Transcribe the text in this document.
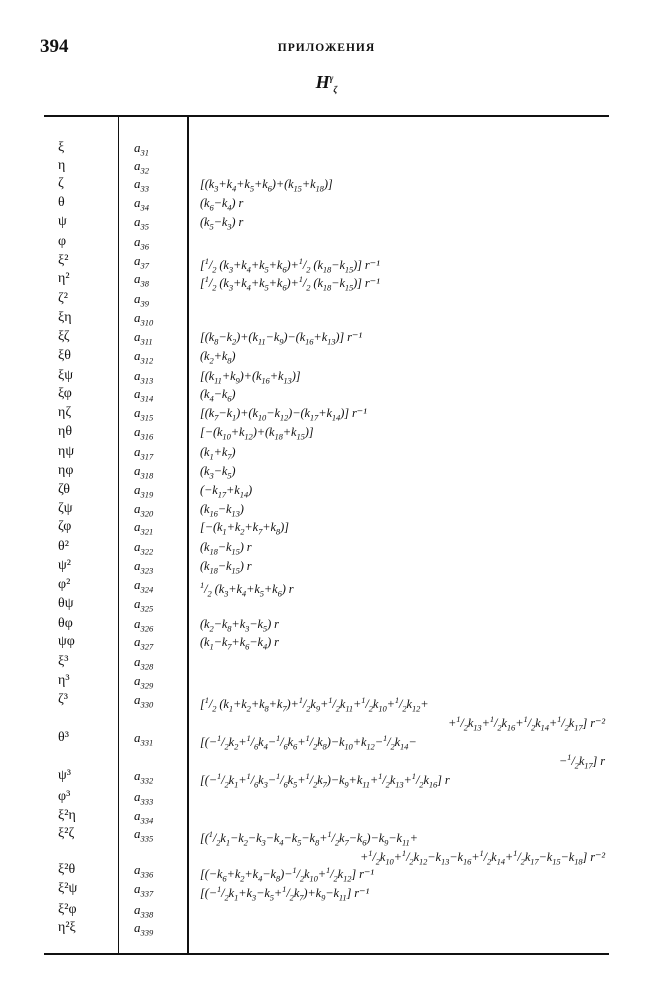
394	ПРИЛОЖЕНИЯ
$H^\gamma_\zeta$
ξ	$a_{31}$
η	$a_{32}$
ζ	$a_{33}$	$[(k_3+k_4+k_5+k_6)+(k_{15}+k_{18})]$
θ	$a_{34}$	$(k_6-k_4)$ r
ψ	$a_{35}$	$(k_5-k_3)$ r
φ	$a_{36}$
ξ²	$a_{37}$	[$^1/_2$ $(k_3+k_4+k_5+k_6)+^1/_2$ $(k_{18}-k_{15})$] r⁻¹
η²	$a_{38}$	[$^1/_2$ $(k_3+k_4+k_5+k_6)+^1/_2$ $(k_{18}-k_{15})$] r⁻¹
ζ²	$a_{39}$
ξη	$a_{310}$
ξζ	$a_{311}$	$[(k_8-k_2)+(k_{11}-k_9)-(k_{16}+k_{13})]$ r⁻¹
ξθ	$a_{312}$	$(k_2+k_8)$
ξψ	$a_{313}$	$[(k_{11}+k_9)+(k_{16}+k_{13})]$
ξφ	$a_{314}$	$(k_4-k_6)$
ηζ	$a_{315}$	$[(k_7-k_1)+(k_{10}-k_{12})-(k_{17}+k_{14})]$ r⁻¹
ηθ	$a_{316}$	$[-(k_{10}+k_{12})+(k_{18}+k_{15})]$
ηψ	$a_{317}$	$(k_1+k_7)$
ηφ	$a_{318}$	$(k_3-k_5)$
ζθ	$a_{319}$	$(-k_{17}+k_{14})$
ζψ	$a_{320}$	$(k_{16}-k_{13})$
ζφ	$a_{321}$	$[-(k_1+k_2+k_7+k_8)]$
θ²	$a_{322}$	$(k_{18}-k_{15})$ r
ψ²	$a_{323}$	$(k_{18}-k_{15})$ r
φ²	$a_{324}$	$^1/_2$ $(k_3+k_4+k_5+k_6)$ r
θψ	$a_{325}$
θφ	$a_{326}$	$(k_2-k_8+k_3-k_5)$ r
ψφ	$a_{327}$	$(k_1-k_7+k_6-k_4)$ r
ξ³	$a_{328}$
η³	$a_{329}$
ζ³	$a_{330}$	[$^1/_2$ $(k_1+k_2+k_8+k_7)+^1/_2k_9+^1/_2k_{11}+^1/_2k_{10}+^1/_2k_{12}+$
$+^1/_2k_{13}+^1/_2k_{16}+^1/_2k_{14}+^1/_2k_{17}$] r⁻²
θ³	$a_{331}$	[$(-^1/_2k_2+^1/_6k_4-^1/_6k_6+^1/_2k_8)-k_{10}+k_{12}-^1/_2k_{14}-$
$-^1/_2k_{17}$] r
ψ³	$a_{332}$	$[(-^1/_2k_1+^1/_6k_3-^1/_6k_5+^1/_2k_7)-k_9+k_{11}+^1/_2k_{13}+^1/_2k_{16}]$ r
φ³	$a_{333}$
ξ²η	$a_{334}$
ξ²ζ	$a_{335}$	[$(^1/_2k_1-k_2-k_3-k_4-k_5-k_8+^1/_2k_7-k_6)-k_9-k_{11}+$
$+^1/_2k_{10}+^1/_2k_{12}-k_{13}-k_{16}+^1/_2k_{14}+^1/_2k_{17}-k_{15}-k_{18}$] r⁻²
ξ²θ	$a_{336}$	$[(-k_6+k_2+k_4-k_8)-^1/_2k_{10}+^1/_2k_{12}]$ r⁻¹
ξ²ψ	$a_{337}$	$[(-^1/_2k_1+k_3-k_5+^1/_2k_7)+k_9-k_{11}]$ r⁻¹
ξ²φ	$a_{338}$
η²ξ	$a_{339}$
